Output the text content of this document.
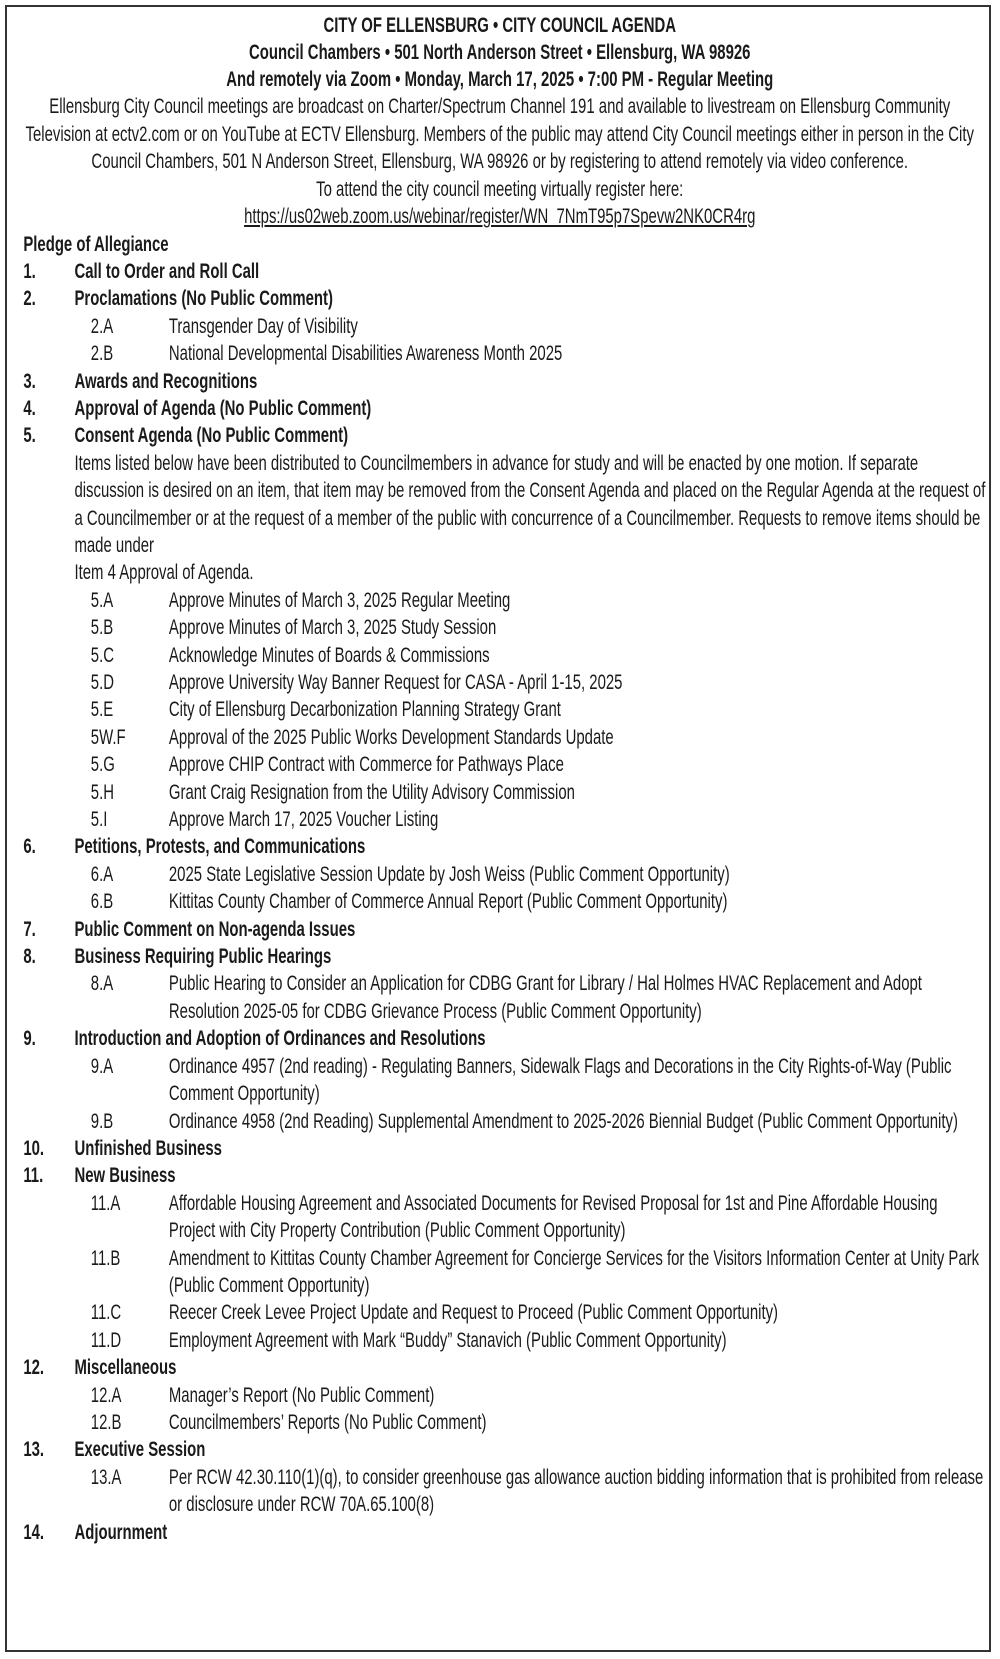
CITY OF ELLENSBURG • CITY COUNCIL AGENDA
Council Chambers • 501 North Anderson Street • Ellensburg, WA 98926
And remotely via Zoom • Monday, March 17, 2025 • 7:00 PM - Regular Meeting
Ellensburg City Council meetings are broadcast on Charter/Spectrum Channel 191 and available to livestream on Ellensburg Community Television at ectv2.com or on YouTube at ECTV Ellensburg. Members of the public may attend City Council meetings either in person in the City Council Chambers, 501 N Anderson Street, Ellensburg, WA 98926 or by registering to attend remotely via video conference.
To attend the city council meeting virtually register here:
https://us02web.zoom.us/webinar/register/WN_7NmT95p7Spevw2NK0CR4rg
Pledge of Allegiance
1. Call to Order and Roll Call
2. Proclamations (No Public Comment)
2.A	Transgender Day of Visibility
2.B	National Developmental Disabilities Awareness Month 2025
3. Awards and Recognitions
4. Approval of Agenda (No Public Comment)
5. Consent Agenda (No Public Comment)
Items listed below have been distributed to Councilmembers in advance for study and will be enacted by one motion. If separate discussion is desired on an item, that item may be removed from the Consent Agenda and placed on the Regular Agenda at the request of a Councilmember or at the request of a member of the public with concurrence of a Councilmember. Requests to remove items should be made under
Item 4 Approval of Agenda.
5.A	Approve Minutes of March 3, 2025 Regular Meeting
5.B	Approve Minutes of March 3, 2025 Study Session
5.C	Acknowledge Minutes of Boards & Commissions
5.D	Approve University Way Banner Request for CASA - April 1-15, 2025
5.E	City of Ellensburg Decarbonization Planning Strategy Grant
5W.F	Approval of the 2025 Public Works Development Standards Update
5.G	Approve CHIP Contract with Commerce for Pathways Place
5.H	Grant Craig Resignation from the Utility Advisory Commission
5.I	Approve March 17, 2025 Voucher Listing
6. Petitions, Protests, and Communications
6.A	2025 State Legislative Session Update by Josh Weiss (Public Comment Opportunity)
6.B	Kittitas County Chamber of Commerce Annual Report (Public Comment Opportunity)
7. Public Comment on Non-agenda Issues
8. Business Requiring Public Hearings
8.A	Public Hearing to Consider an Application for CDBG Grant for Library / Hal Holmes HVAC Replacement and Adopt Resolution 2025-05 for CDBG Grievance Process (Public Comment Opportunity)
9. Introduction and Adoption of Ordinances and Resolutions
9.A	Ordinance 4957 (2nd reading) - Regulating Banners, Sidewalk Flags and Decorations in the City Rights-of-Way (Public Comment Opportunity)
9.B	Ordinance 4958 (2nd Reading) Supplemental Amendment to 2025-2026 Biennial Budget (Public Comment Opportunity)
10. Unfinished Business
11. New Business
11.A	Affordable Housing Agreement and Associated Documents for Revised Proposal for 1st and Pine Affordable Housing Project with City Property Contribution (Public Comment Opportunity)
11.B	Amendment to Kittitas County Chamber Agreement for Concierge Services for the Visitors Information Center at Unity Park (Public Comment Opportunity)
11.C	Reecer Creek Levee Project Update and Request to Proceed (Public Comment Opportunity)
11.D	Employment Agreement with Mark “Buddy” Stanavich (Public Comment Opportunity)
12. Miscellaneous
12.A	Manager’s Report (No Public Comment)
12.B	Councilmembers’ Reports (No Public Comment)
13. Executive Session
13.A	Per RCW 42.30.110(1)(q), to consider greenhouse gas allowance auction bidding information that is prohibited from release or disclosure under RCW 70A.65.100(8)
14. Adjournment
